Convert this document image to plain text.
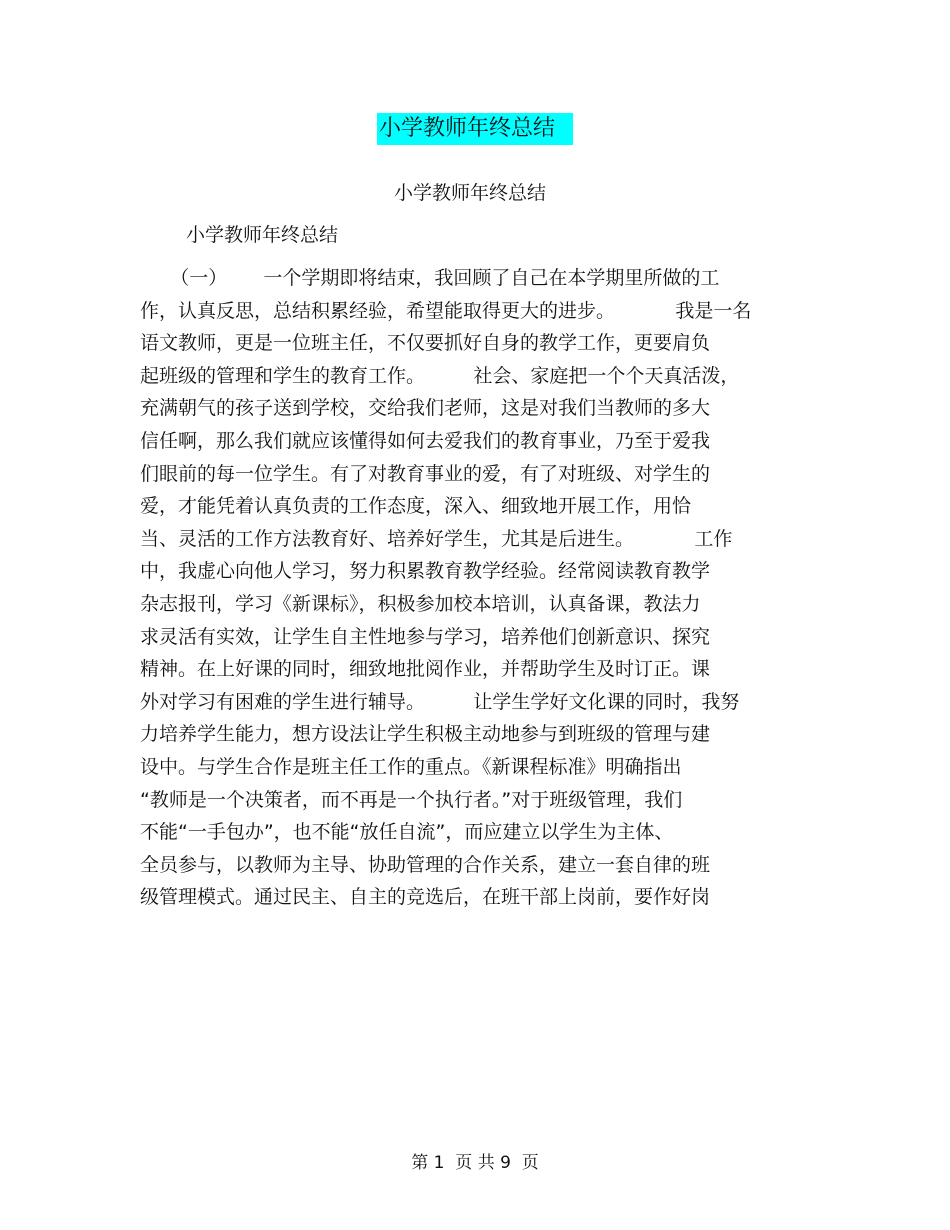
小学教师年终总结
小学教师年终总结
小学教师年终总结
（一）      一个学期即将结束，我回顾了自己在本学期里所做的工
作，认真反思，总结积累经验，希望能取得更大的进步。          我是一名
语文教师，更是一位班主任，不仅要抓好自身的教学工作，更要肩负
起班级的管理和学生的教育工作。        社会、家庭把一个个天真活泼，
充满朝气的孩子送到学校，交给我们老师，这是对我们当教师的多大
信任啊，那么我们就应该懂得如何去爱我们的教育事业，乃至于爱我
们眼前的每一位学生。有了对教育事业的爱，有了对班级、对学生的
爱，才能凭着认真负责的工作态度，深入、细致地开展工作，用恰
当、灵活的工作方法教育好、培养好学生，尤其是后进生。          工作
中，我虚心向他人学习，努力积累教育教学经验。经常阅读教育教学
杂志报刊，学习《新课标》，积极参加校本培训，认真备课，教法力
求灵活有实效，让学生自主性地参与学习，培养他们创新意识、探究
精神。在上好课的同时，细致地批阅作业，并帮助学生及时订正。课
外对学习有困难的学生进行辅导。        让学生学好文化课的同时，我努
力培养学生能力，想方设法让学生积极主动地参与到班级的管理与建
设中。与学生合作是班主任工作的重点。《新课程标准》明确指出
“教师是一个决策者，而不再是一个执行者。”对于班级管理，我们
不能“一手包办”，也不能“放任自流”，而应建立以学生为主体、
全员参与，以教师为主导、协助管理的合作关系，建立一套自律的班
级管理模式。通过民主、自主的竞选后，在班干部上岗前，要作好岗
第 1  页 共 9  页
